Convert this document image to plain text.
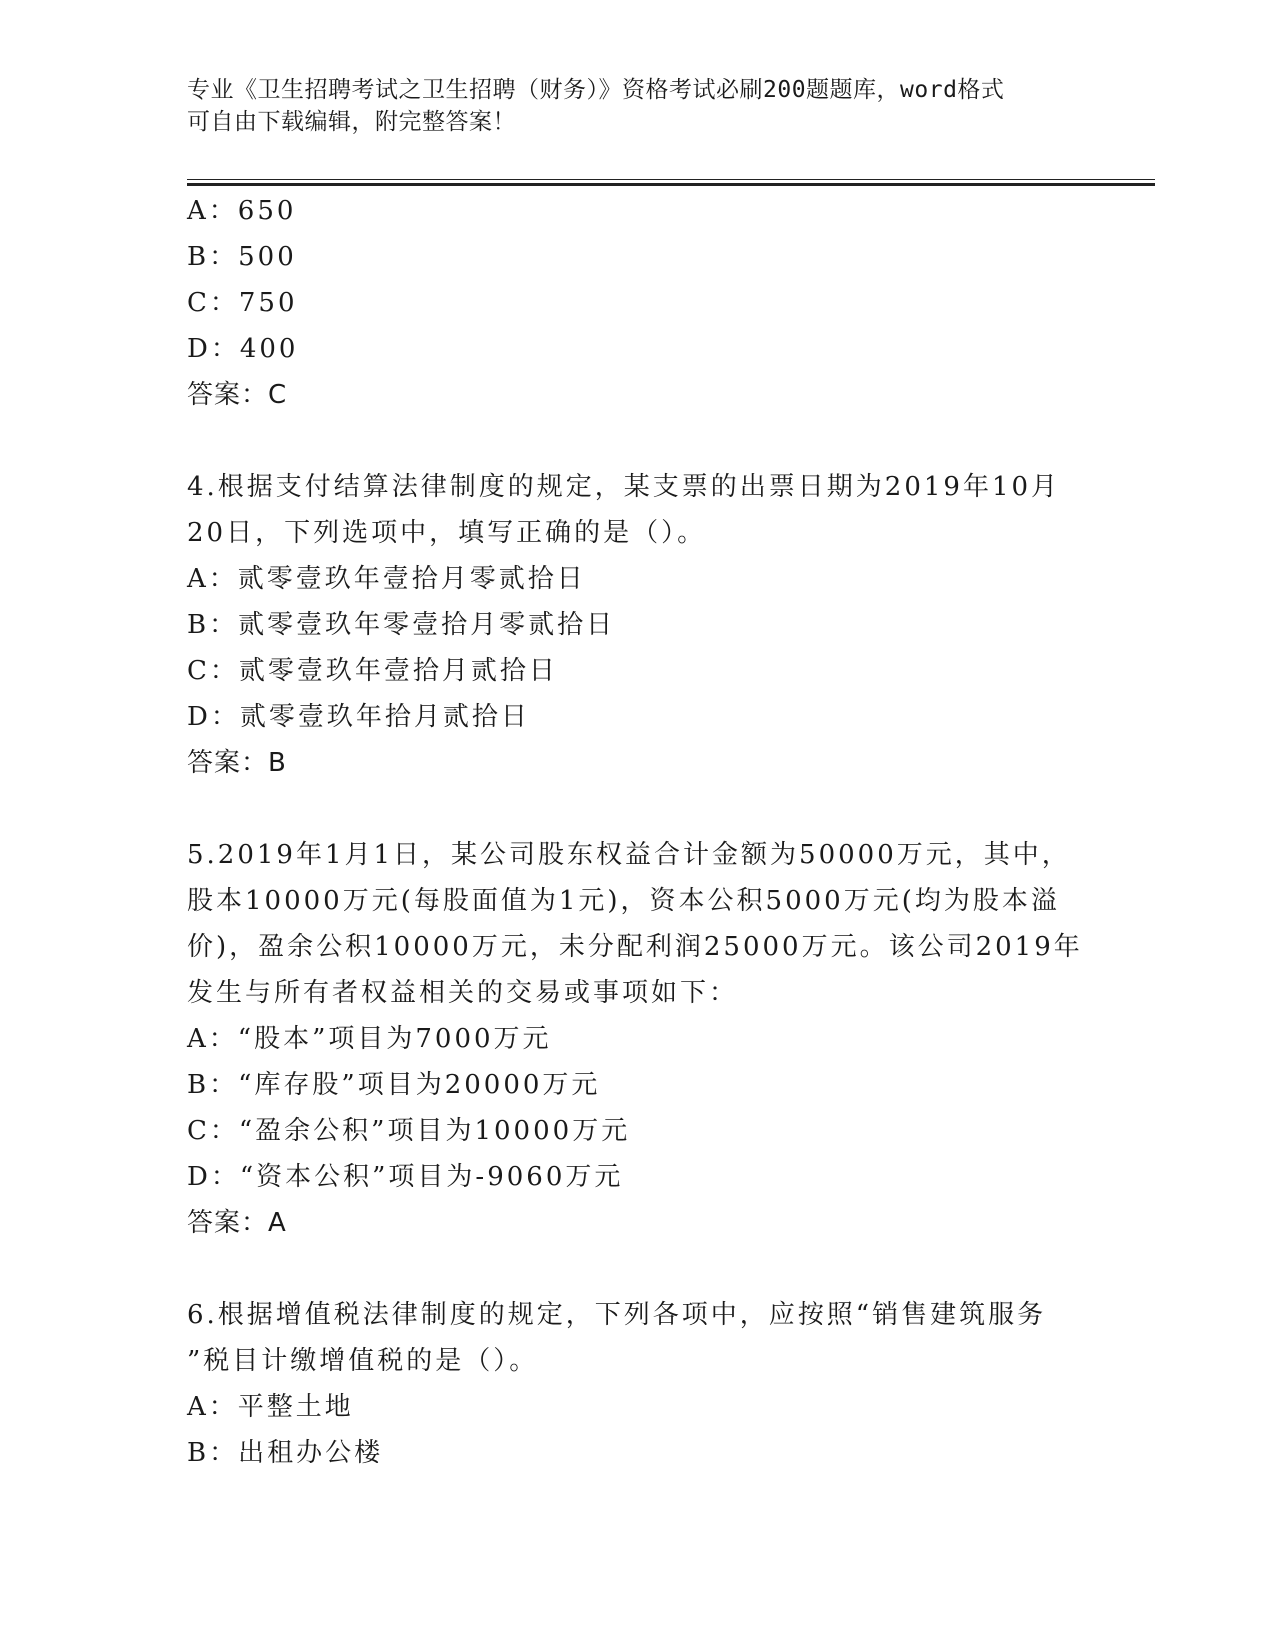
专业《卫生招聘考试之卫生招聘（财务）》资格考试必刷200题题库，word格式
可自由下载编辑，附完整答案！
A：650
B：500
C：750
D：400
答案：C
4.根据支付结算法律制度的规定，某支票的出票日期为2019年10月
20日，下列选项中，填写正确的是（）。
A：贰零壹玖年壹拾月零贰拾日
B：贰零壹玖年零壹拾月零贰拾日
C：贰零壹玖年壹拾月贰拾日
D：贰零壹玖年拾月贰拾日
答案：B
5.2019年1月1日，某公司股东权益合计金额为50000万元，其中，
股本10000万元(每股面值为1元)，资本公积5000万元(均为股本溢
价)，盈余公积10000万元，未分配利润25000万元。该公司2019年
发生与所有者权益相关的交易或事项如下：
A：“股本”项目为7000万元
B：“库存股”项目为20000万元
C：“盈余公积”项目为10000万元
D：“资本公积”项目为-9060万元
答案：A
6.根据增值税法律制度的规定，下列各项中，应按照“销售建筑服务
”税目计缴增值税的是（）。
A：平整土地
B：出租办公楼
